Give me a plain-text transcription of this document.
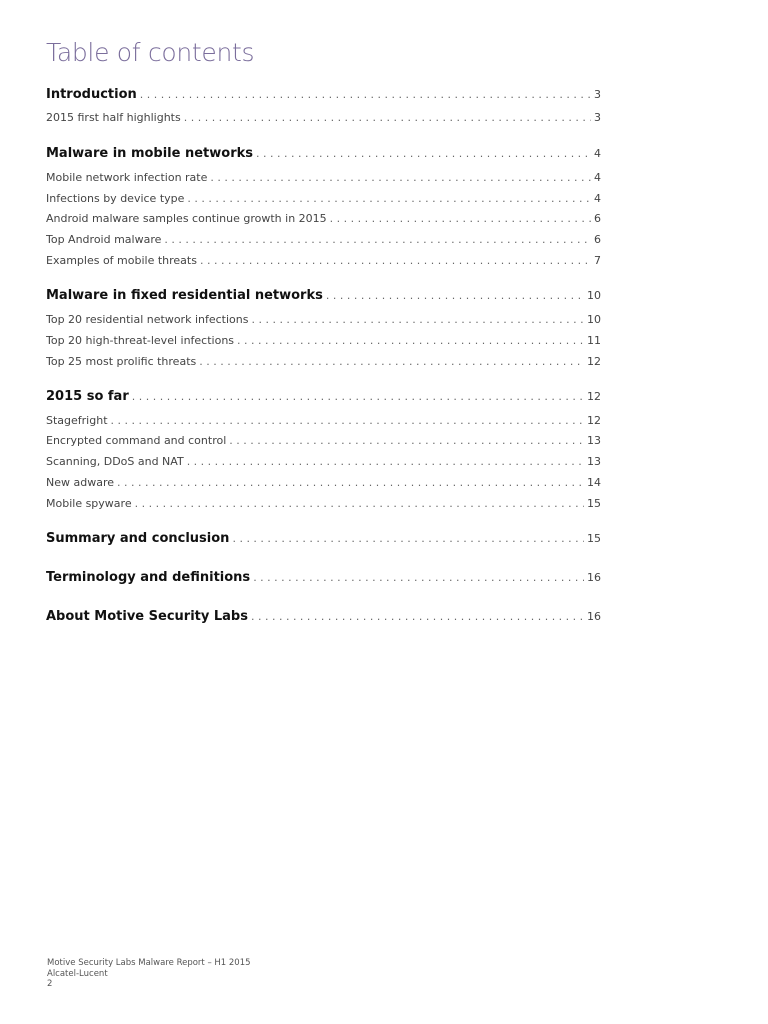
Table of contents
Introduction . . .	3
2015 first half highlights . . .	3
Malware in mobile networks . . .	4
Mobile network infection rate . . .	4
Infections by device type . . .	4
Android malware samples continue growth in 2015 . . .	6
Top Android malware . . .	6
Examples of mobile threats . . .	7
Malware in fixed residential networks . . .	10
Top 20 residential network infections . . .	10
Top 20 high-threat-level infections . . .	11
Top 25 most prolific threats . . .	12
2015 so far . . .	12
Stagefright . . .	12
Encrypted command and control . . .	13
Scanning, DDoS and NAT . . .	13
New adware . . .	14
Mobile spyware . . .	15
Summary and conclusion . . .	15
Terminology and definitions . . .	16
About Motive Security Labs . . .	16
Motive Security Labs Malware Report – H1 2015
Alcatel-Lucent
2
